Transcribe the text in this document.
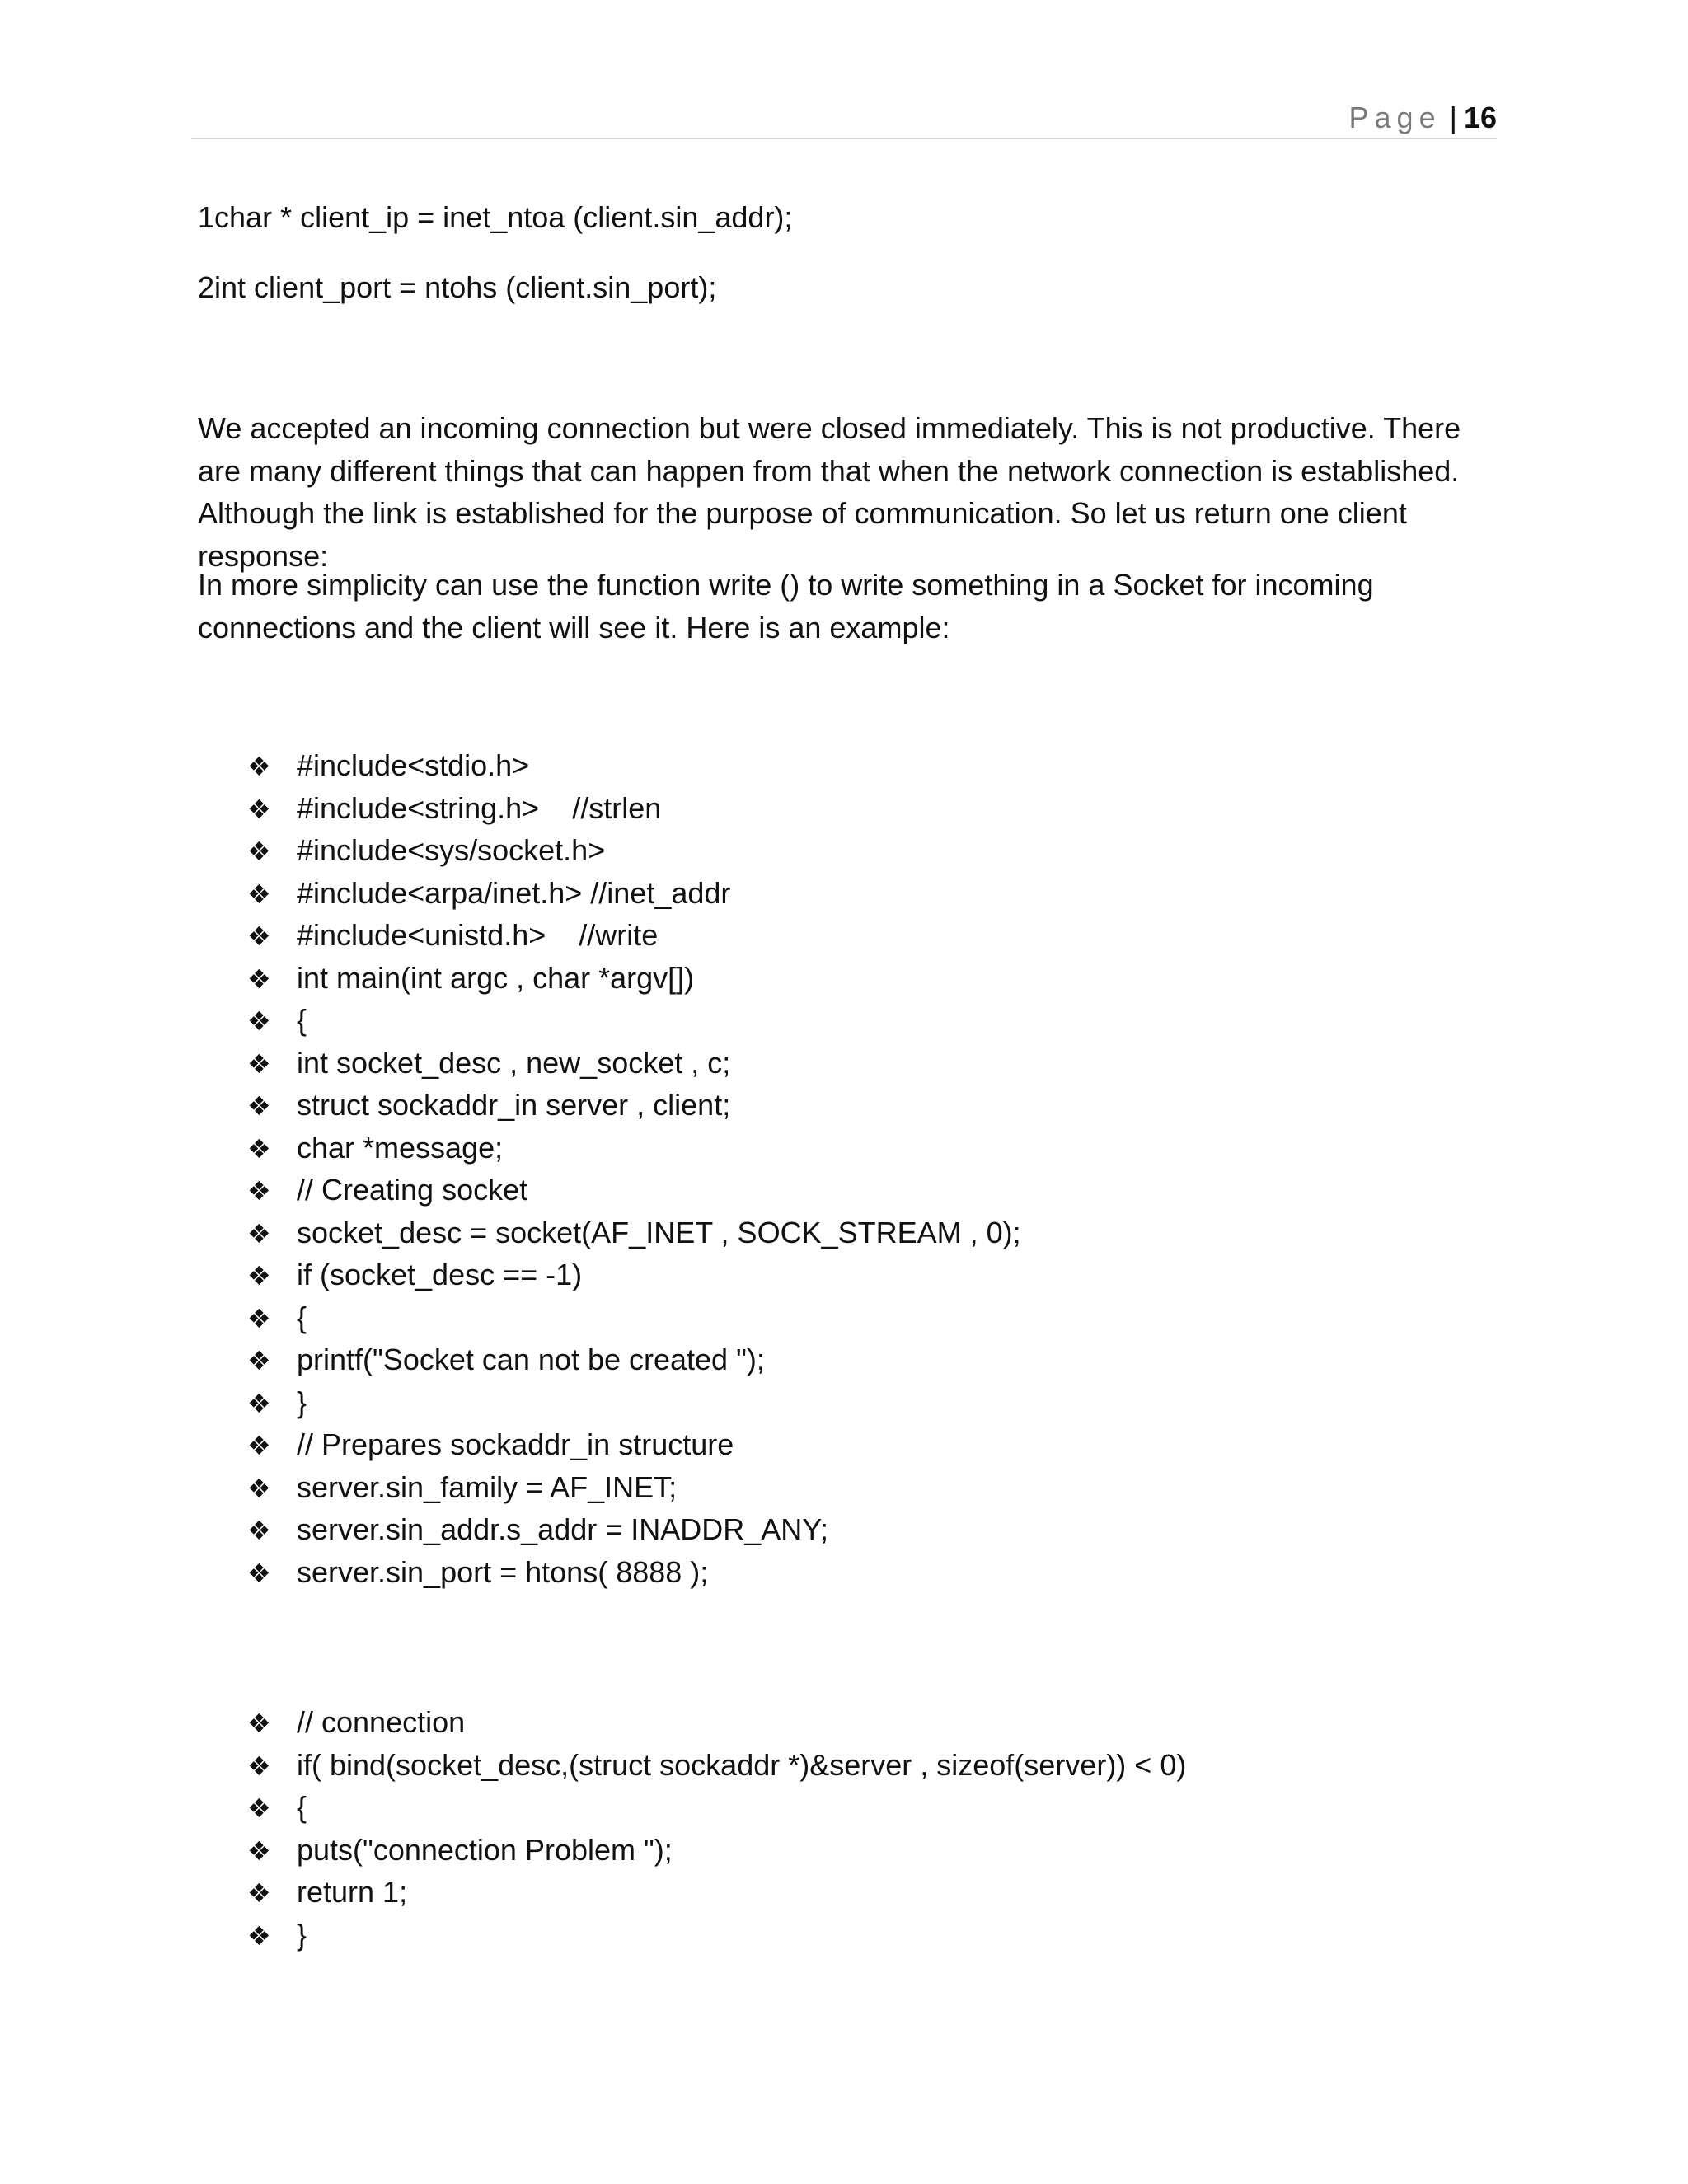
Page | 16
1char * client_ip = inet_ntoa (client.sin_addr);
2int client_port = ntohs (client.sin_port);

We accepted an incoming connection but were closed immediately. This is not productive. There are many different things that can happen from that when the network connection is established. Although the link is established for the purpose of communication. So let us return one client response:

In more simplicity can use the function write () to write something in a Socket for incoming connections and the client will see it. Here is an example:

❖ #include<stdio.h>
❖ #include<string.h>    //strlen
❖ #include<sys/socket.h>
❖ #include<arpa/inet.h> //inet_addr
❖ #include<unistd.h>    //write
❖ int main(int argc , char *argv[])
❖ {
❖ int socket_desc , new_socket , c;
❖ struct sockaddr_in server , client;
❖ char *message;
❖ // Creating socket
❖ socket_desc = socket(AF_INET , SOCK_STREAM , 0);
❖ if (socket_desc == -1)
❖ {
❖ printf("Socket can not be created ");
❖ }
❖ // Prepares sockaddr_in structure
❖ server.sin_family = AF_INET;
❖ server.sin_addr.s_addr = INADDR_ANY;
❖ server.sin_port = htons( 8888 );
❖ // connection
❖ if( bind(socket_desc,(struct sockaddr *)&server , sizeof(server)) < 0)
❖ {
❖ puts("connection Problem ");
❖ return 1;
❖ }
